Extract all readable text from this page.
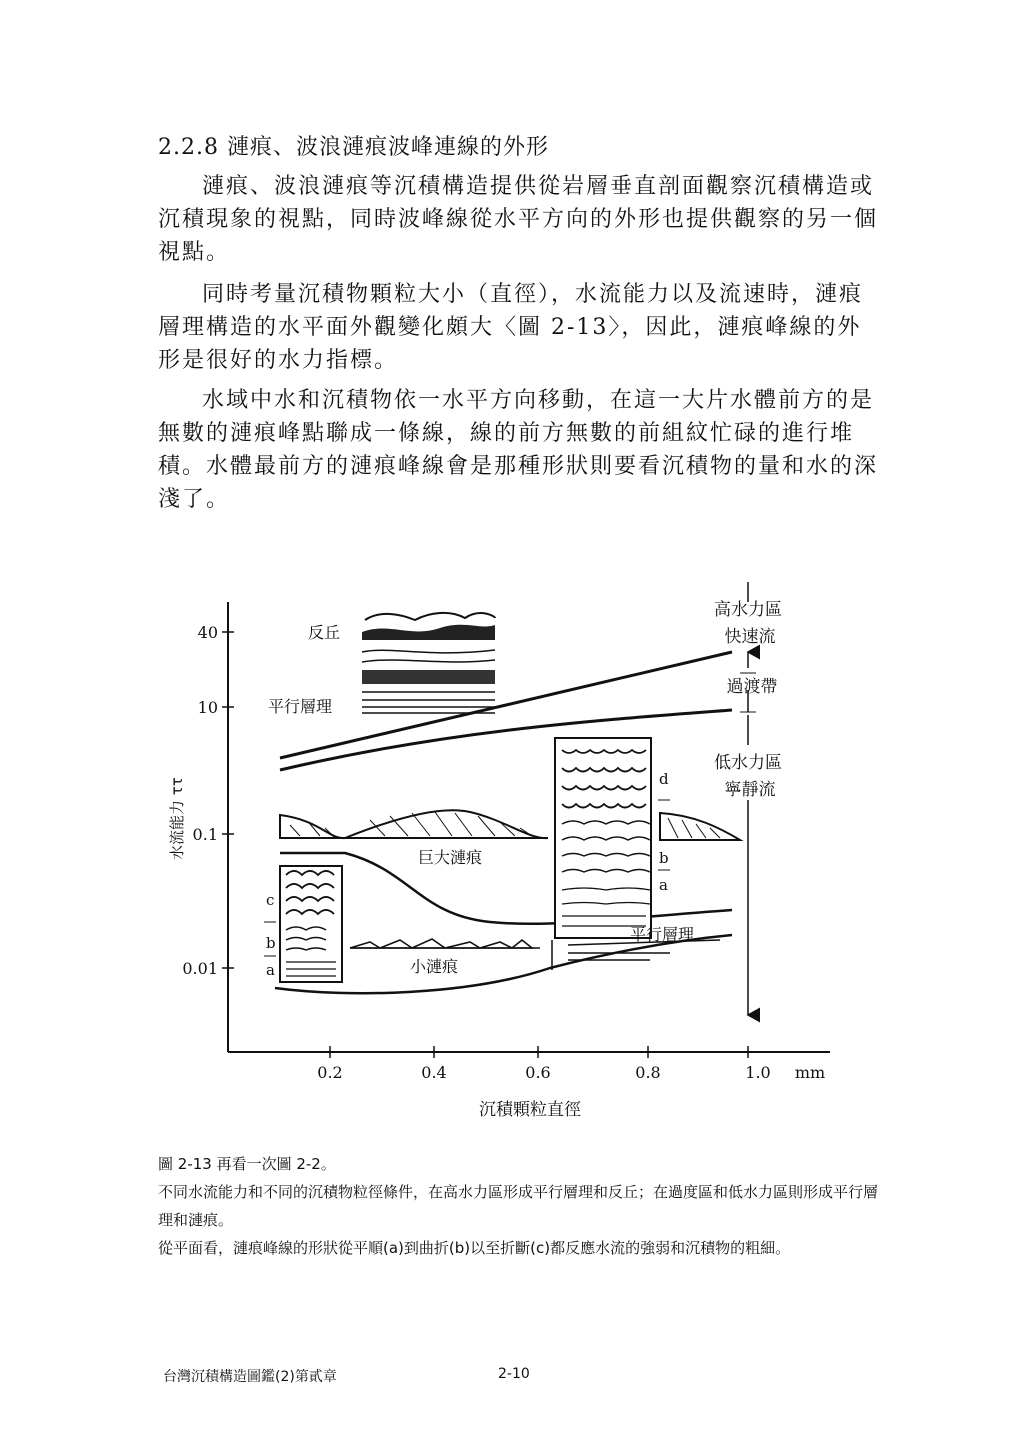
2.2.8 漣痕、波浪漣痕波峰連線的外形

漣痕、波浪漣痕等沉積構造提供從岩層垂直剖面觀察沉積構造或沉積現象的視點，同時波峰線從水平方向的外形也提供觀察的另一個視點。

同時考量沉積物顆粒大小（直徑），水流能力以及流速時，漣痕層理構造的水平面外觀變化頗大〈圖 2-13〉，因此，漣痕峰線的外形是很好的水力指標。

水域中水和沉積物依一水平方向移動，在這一大片水體前方的是無數的漣痕峰點聯成一條線，線的前方無數的前組紋忙碌的進行堆積。水體最前方的漣痕峰線會是那種形狀則要看沉積物的量和水的深淺了。

40
10
0.1
0.01
0.2	0.4	0.6	0.8	1.0 mm
水流能力 ττ
沉積顆粒直徑
高水力區
快速流
過渡帶
低水力區
寧靜流
反丘
平行層理
巨大漣痕
c
b
a	小漣痕
d
b
a
平行層理
圖 2-13 再看一次圖 2-2。
不同水流能力和不同的沉積物粒徑條件，在高水力區形成平行層理和反丘；在過度區和低水力區則形成平行層理和漣痕。
從平面看，漣痕峰線的形狀從平順(a)到曲折(b)以至折斷(c)都反應水流的強弱和沉積物的粗細。
台灣沉積構造圖鑑(2)第貳章	2-10
